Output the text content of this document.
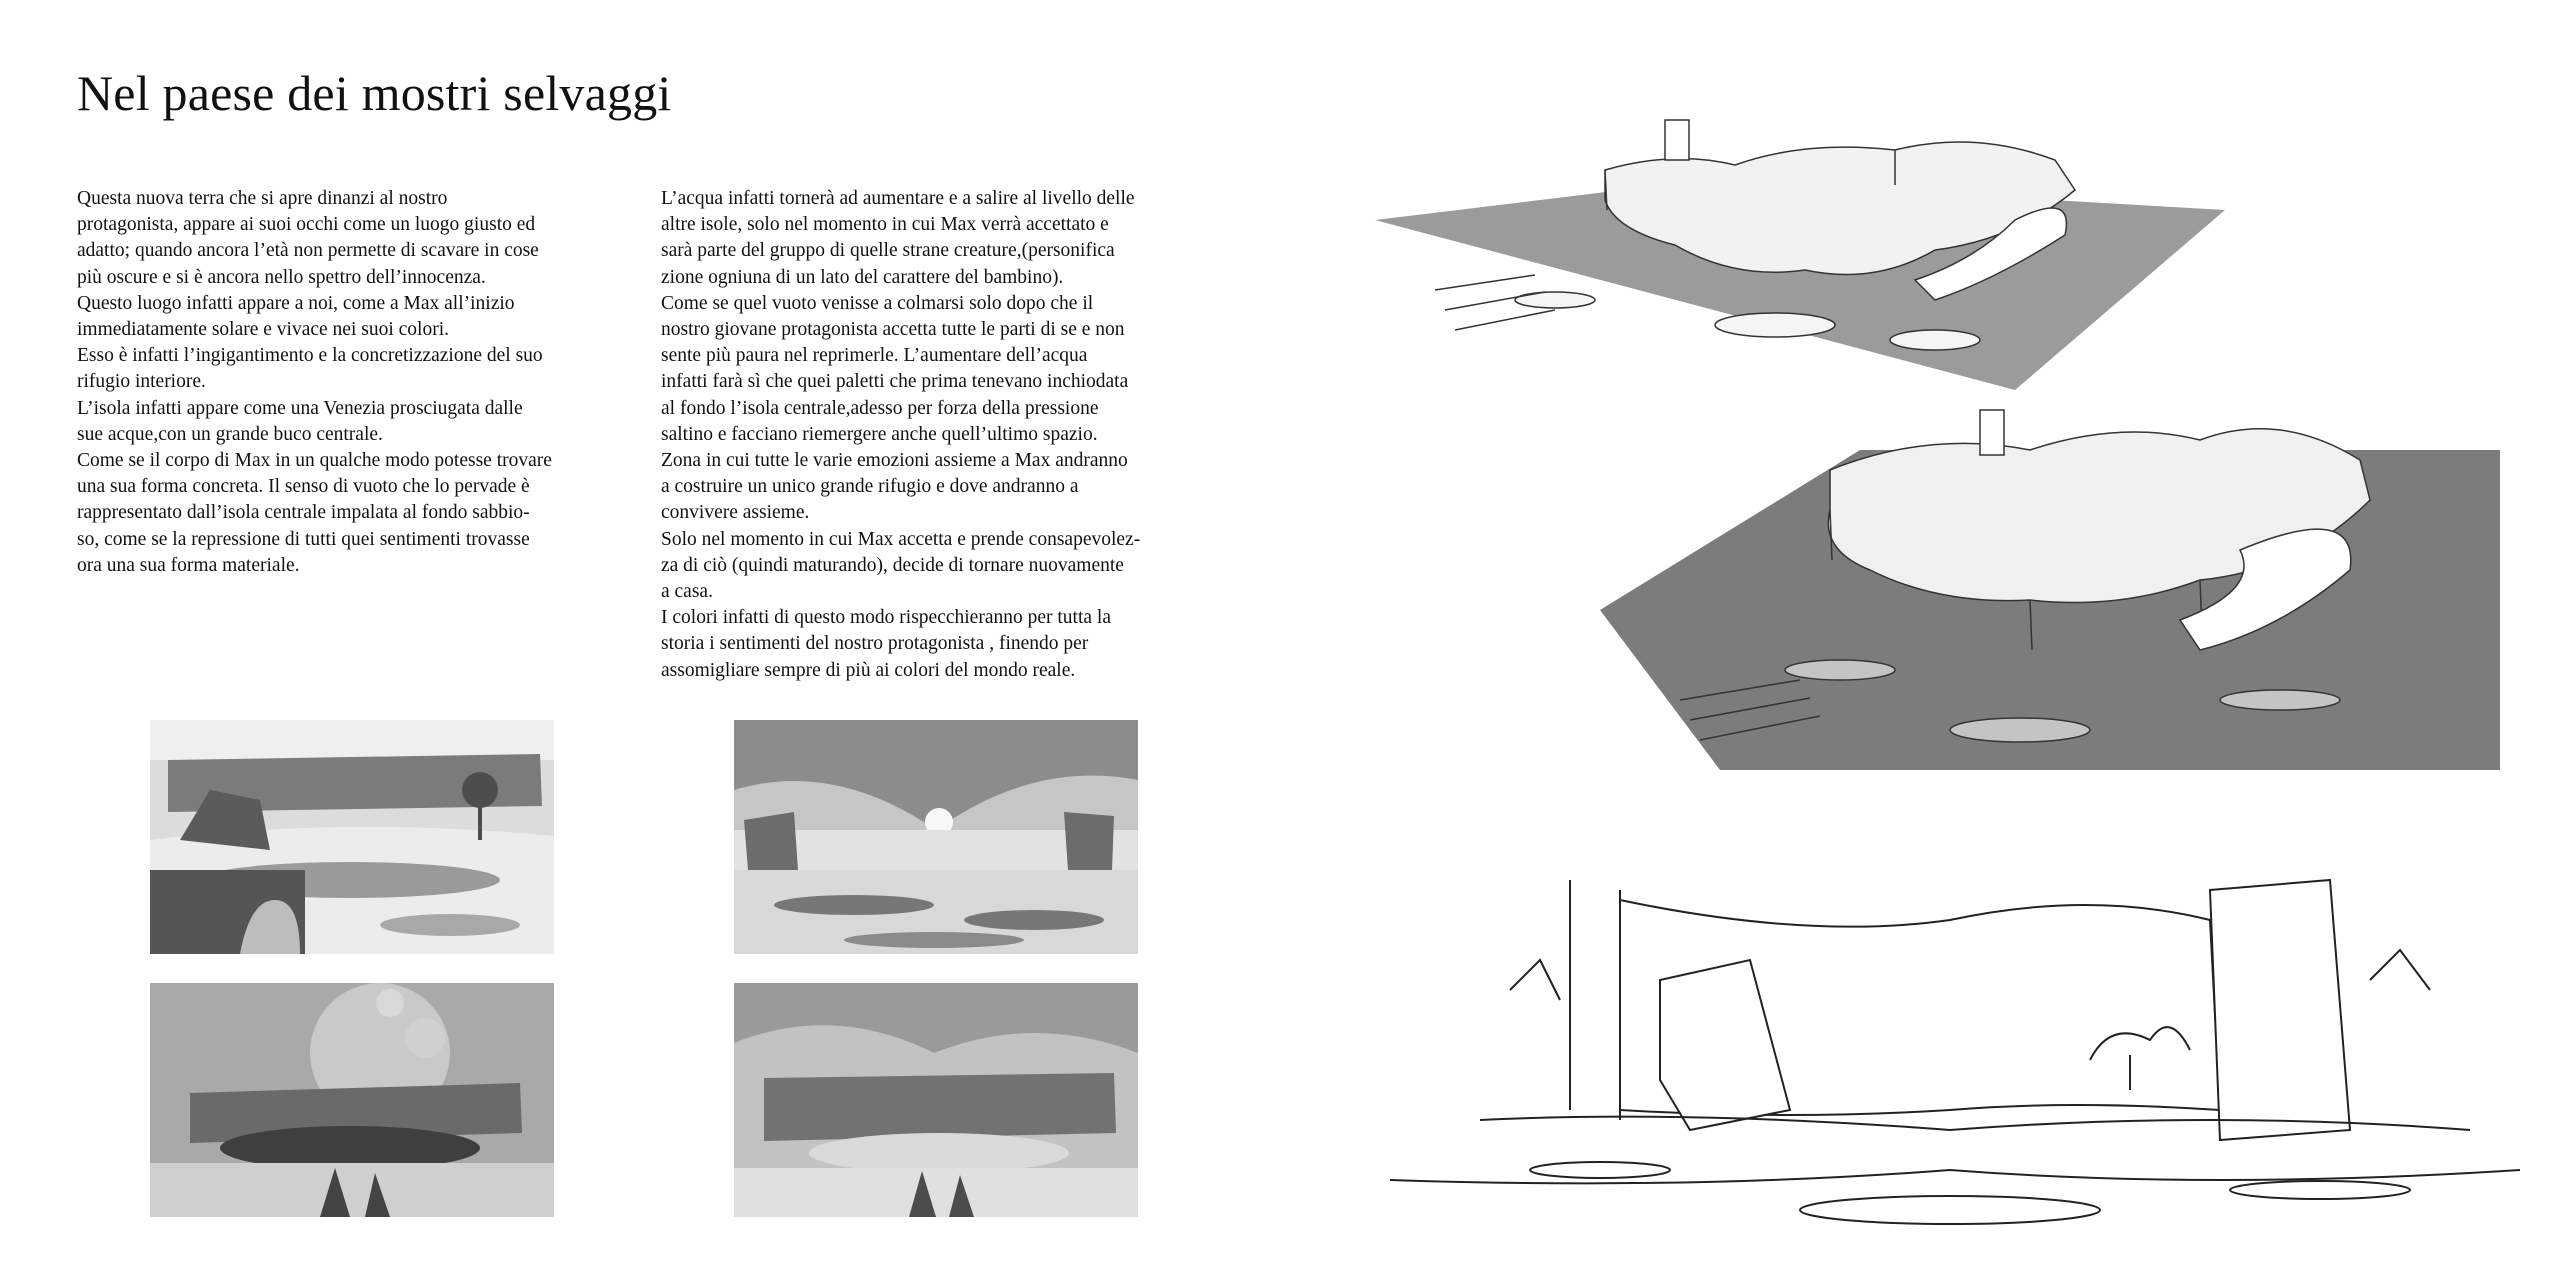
Nel paese dei mostri selvaggi
Questa nuova terra che si apre dinanzi al nostro
protagonista, appare ai suoi occhi come un luogo giusto ed
adatto; quando ancora l’età non permette di scavare in cose
più oscure e si è ancora nello spettro dell’innocenza.
Questo luogo infatti appare a noi, come a Max all’inizio
immediatamente solare e vivace nei suoi colori.
Esso è infatti l’ingigantimento e la concretizzazione del suo
rifugio interiore.
L’isola infatti appare come una Venezia prosciugata dalle
sue acque,con un grande buco centrale.
Come se il corpo di Max in un qualche modo potesse trovare
una sua forma concreta. Il senso di vuoto che lo pervade è
rappresentato dall’isola centrale impalata al fondo sabbio-
so, come se la repressione di tutti quei sentimenti trovasse
ora una sua forma materiale.
L’acqua infatti tornerà ad aumentare e a salire al livello delle
altre isole, solo nel momento in cui Max verrà accettato e
sarà parte del gruppo di quelle strane creature,(personifica
zione ogniuna di un lato del carattere del bambino).
Come se quel vuoto venisse a colmarsi solo dopo che il
nostro giovane protagonista accetta tutte le parti di se e non
sente più paura nel reprimerle. L’aumentare dell’acqua
infatti farà sì che quei paletti che prima tenevano inchiodata
al fondo l’isola centrale,adesso per forza della pressione
saltino e facciano riemergere anche quell’ultimo spazio.
Zona in cui tutte le varie emozioni assieme a Max andranno
a costruire un unico grande rifugio e dove andranno a
convivere assieme.
Solo nel momento in cui Max accetta e prende consapevolez-
za di ciò (quindi maturando), decide di tornare nuovamente
a casa.
I colori infatti di questo modo rispecchieranno per tutta la
storia i sentimenti del nostro protagonista , finendo per
assomigliare sempre di più ai colori del mondo reale.
